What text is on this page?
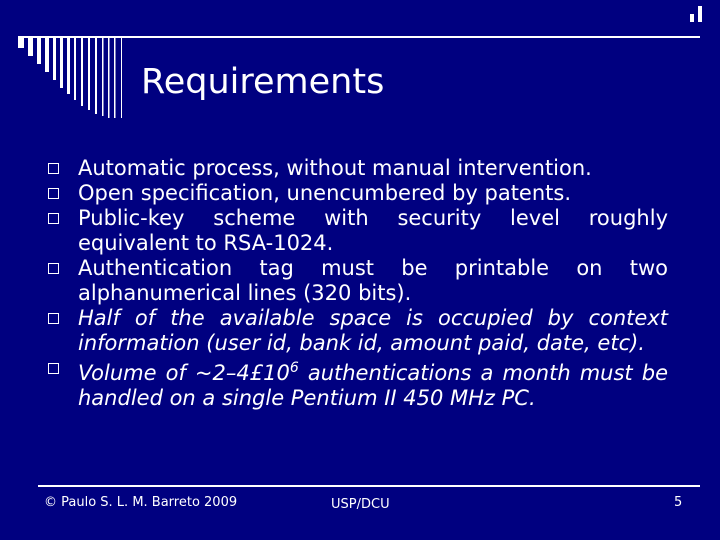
Requirements
Automatic process, without manual intervention.
Open specification, unencumbered by patents.
Public-key scheme with security level roughly equivalent to RSA-1024.
Authentication tag must be printable on two alphanumerical lines (320 bits).
Half of the available space is occupied by context information (user id, bank id, amount paid, date, etc).
Volume of $\sim 2-4£10^6$ authentications a month must be handled on a single Pentium II 450 MHz PC.
© Paulo S. L. M. Barreto 2009	USP/DCU	5
